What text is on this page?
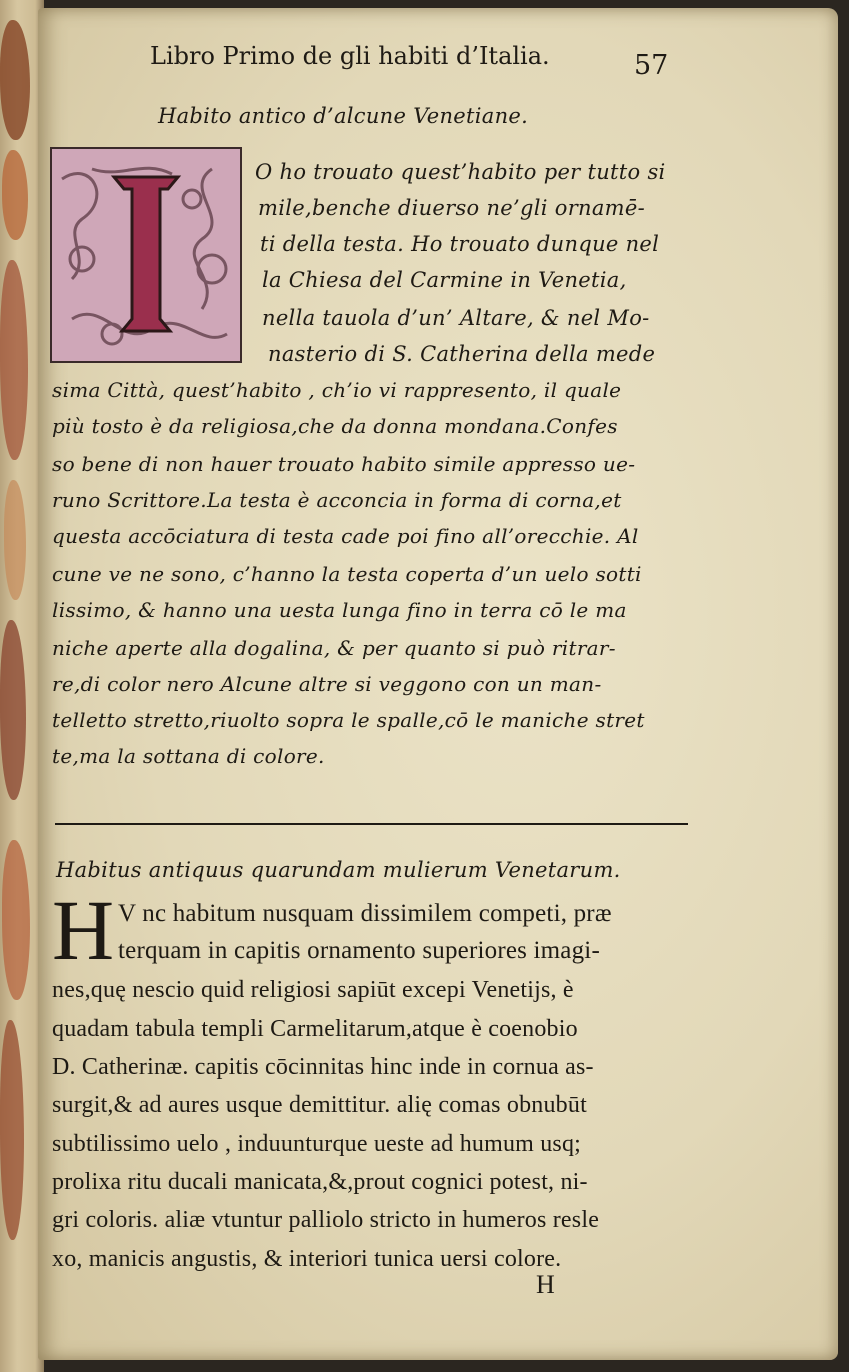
Libro Primo de gli habiti d’Italia.	57
Habito antico d’alcune Venetiane.
O ho trouato quest’habito per tutto si
mile,benche diuerso ne’gli ornamē-
ti della testa. Ho trouato dunque nel
la Chiesa del Carmine in Venetia,
nella tauola d’un’ Altare, & nel Mo-
nasterio di S. Catherina della mede
sima Città, quest’habito , ch’io vi rappresento, il quale
più tosto è da religiosa,che da donna mondana.Confes
so bene di non hauer trouato habito simile appresso ue-
runo Scrittore.La testa è acconcia in forma di corna,et
questa accōciatura di testa cade poi fino all’orecchie. Al
cune ve ne sono, c’hanno la testa coperta d’un uelo sotti
lissimo, & hanno una uesta lunga fino in terra cō le ma
niche aperte alla dogalina, & per quanto si può ritrar-
re,di color nero Alcune altre si veggono con un man-
telletto stretto,riuolto sopra le spalle,cō le maniche stret
te,ma la sottana di colore.
Habitus antiquus quarundam mulierum Venetarum.
H V nc habitum nusquam dissimilem competi, præ
terquam in capitis ornamento superiores imagi-
nes,quę nescio quid religiosi sapiūt excepi Venetijs, è
quadam tabula templi Carmelitarum,atque è coenobio
D. Catherinæ. capitis cōcinnitas hinc inde in cornua as-
surgit,& ad aures usque demittitur. alię comas obnubūt
subtilissimo uelo , induunturque ueste ad humum usq;
prolixa ritu ducali manicata,&,prout cognici potest, ni-
gri coloris. aliæ vtuntur palliolo stricto in humeros resle
xo, manicis angustis, & interiori tunica uersi colore.
H
